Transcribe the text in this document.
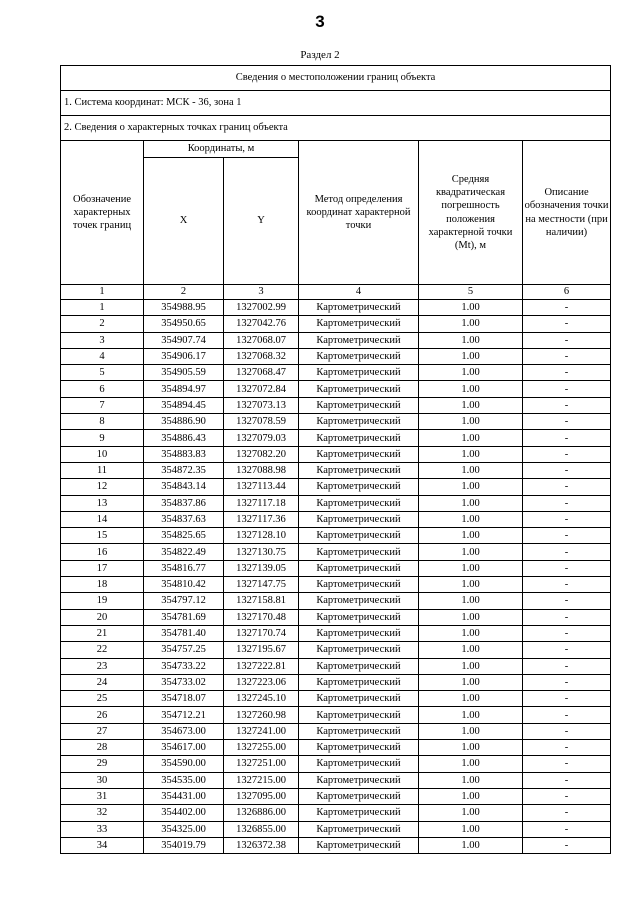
3
Раздел 2
Сведения о местоположении границ объекта					
1. Система координат: МСК - 36, зона 1					
2. Сведения о характерных точках границ объекта					

Обозначение характерных точек границ	Координаты, м		Метод определения координат характерной точки	Средняя квадратическая погрешность положения характерной точки (Mt), м	Описание обозначения точки на местности (при наличии)

	X	Y			
1	2	3	4	5	6
1	354988.95	1327002.99	Картометрический	1.00	-
2	354950.65	1327042.76	Картометрический	1.00	-
3	354907.74	1327068.07	Картометрический	1.00	-
4	354906.17	1327068.32	Картометрический	1.00	-
5	354905.59	1327068.47	Картометрический	1.00	-
6	354894.97	1327072.84	Картометрический	1.00	-
7	354894.45	1327073.13	Картометрический	1.00	-
8	354886.90	1327078.59	Картометрический	1.00	-
9	354886.43	1327079.03	Картометрический	1.00	-
10	354883.83	1327082.20	Картометрический	1.00	-
11	354872.35	1327088.98	Картометрический	1.00	-
12	354843.14	1327113.44	Картометрический	1.00	-
13	354837.86	1327117.18	Картометрический	1.00	-
14	354837.63	1327117.36	Картометрический	1.00	-
15	354825.65	1327128.10	Картометрический	1.00	-
16	354822.49	1327130.75	Картометрический	1.00	-
17	354816.77	1327139.05	Картометрический	1.00	-
18	354810.42	1327147.75	Картометрический	1.00	-
19	354797.12	1327158.81	Картометрический	1.00	-
20	354781.69	1327170.48	Картометрический	1.00	-
21	354781.40	1327170.74	Картометрический	1.00	-
22	354757.25	1327195.67	Картометрический	1.00	-
23	354733.22	1327222.81	Картометрический	1.00	-
24	354733.02	1327223.06	Картометрический	1.00	-
25	354718.07	1327245.10	Картометрический	1.00	-
26	354712.21	1327260.98	Картометрический	1.00	-
27	354673.00	1327241.00	Картометрический	1.00	-
28	354617.00	1327255.00	Картометрический	1.00	-
29	354590.00	1327251.00	Картометрический	1.00	-
30	354535.00	1327215.00	Картометрический	1.00	-
31	354431.00	1327095.00	Картометрический	1.00	-
32	354402.00	1326886.00	Картометрический	1.00	-
33	354325.00	1326855.00	Картометрический	1.00	-
34	354019.79	1326372.38	Картометрический	1.00	-
